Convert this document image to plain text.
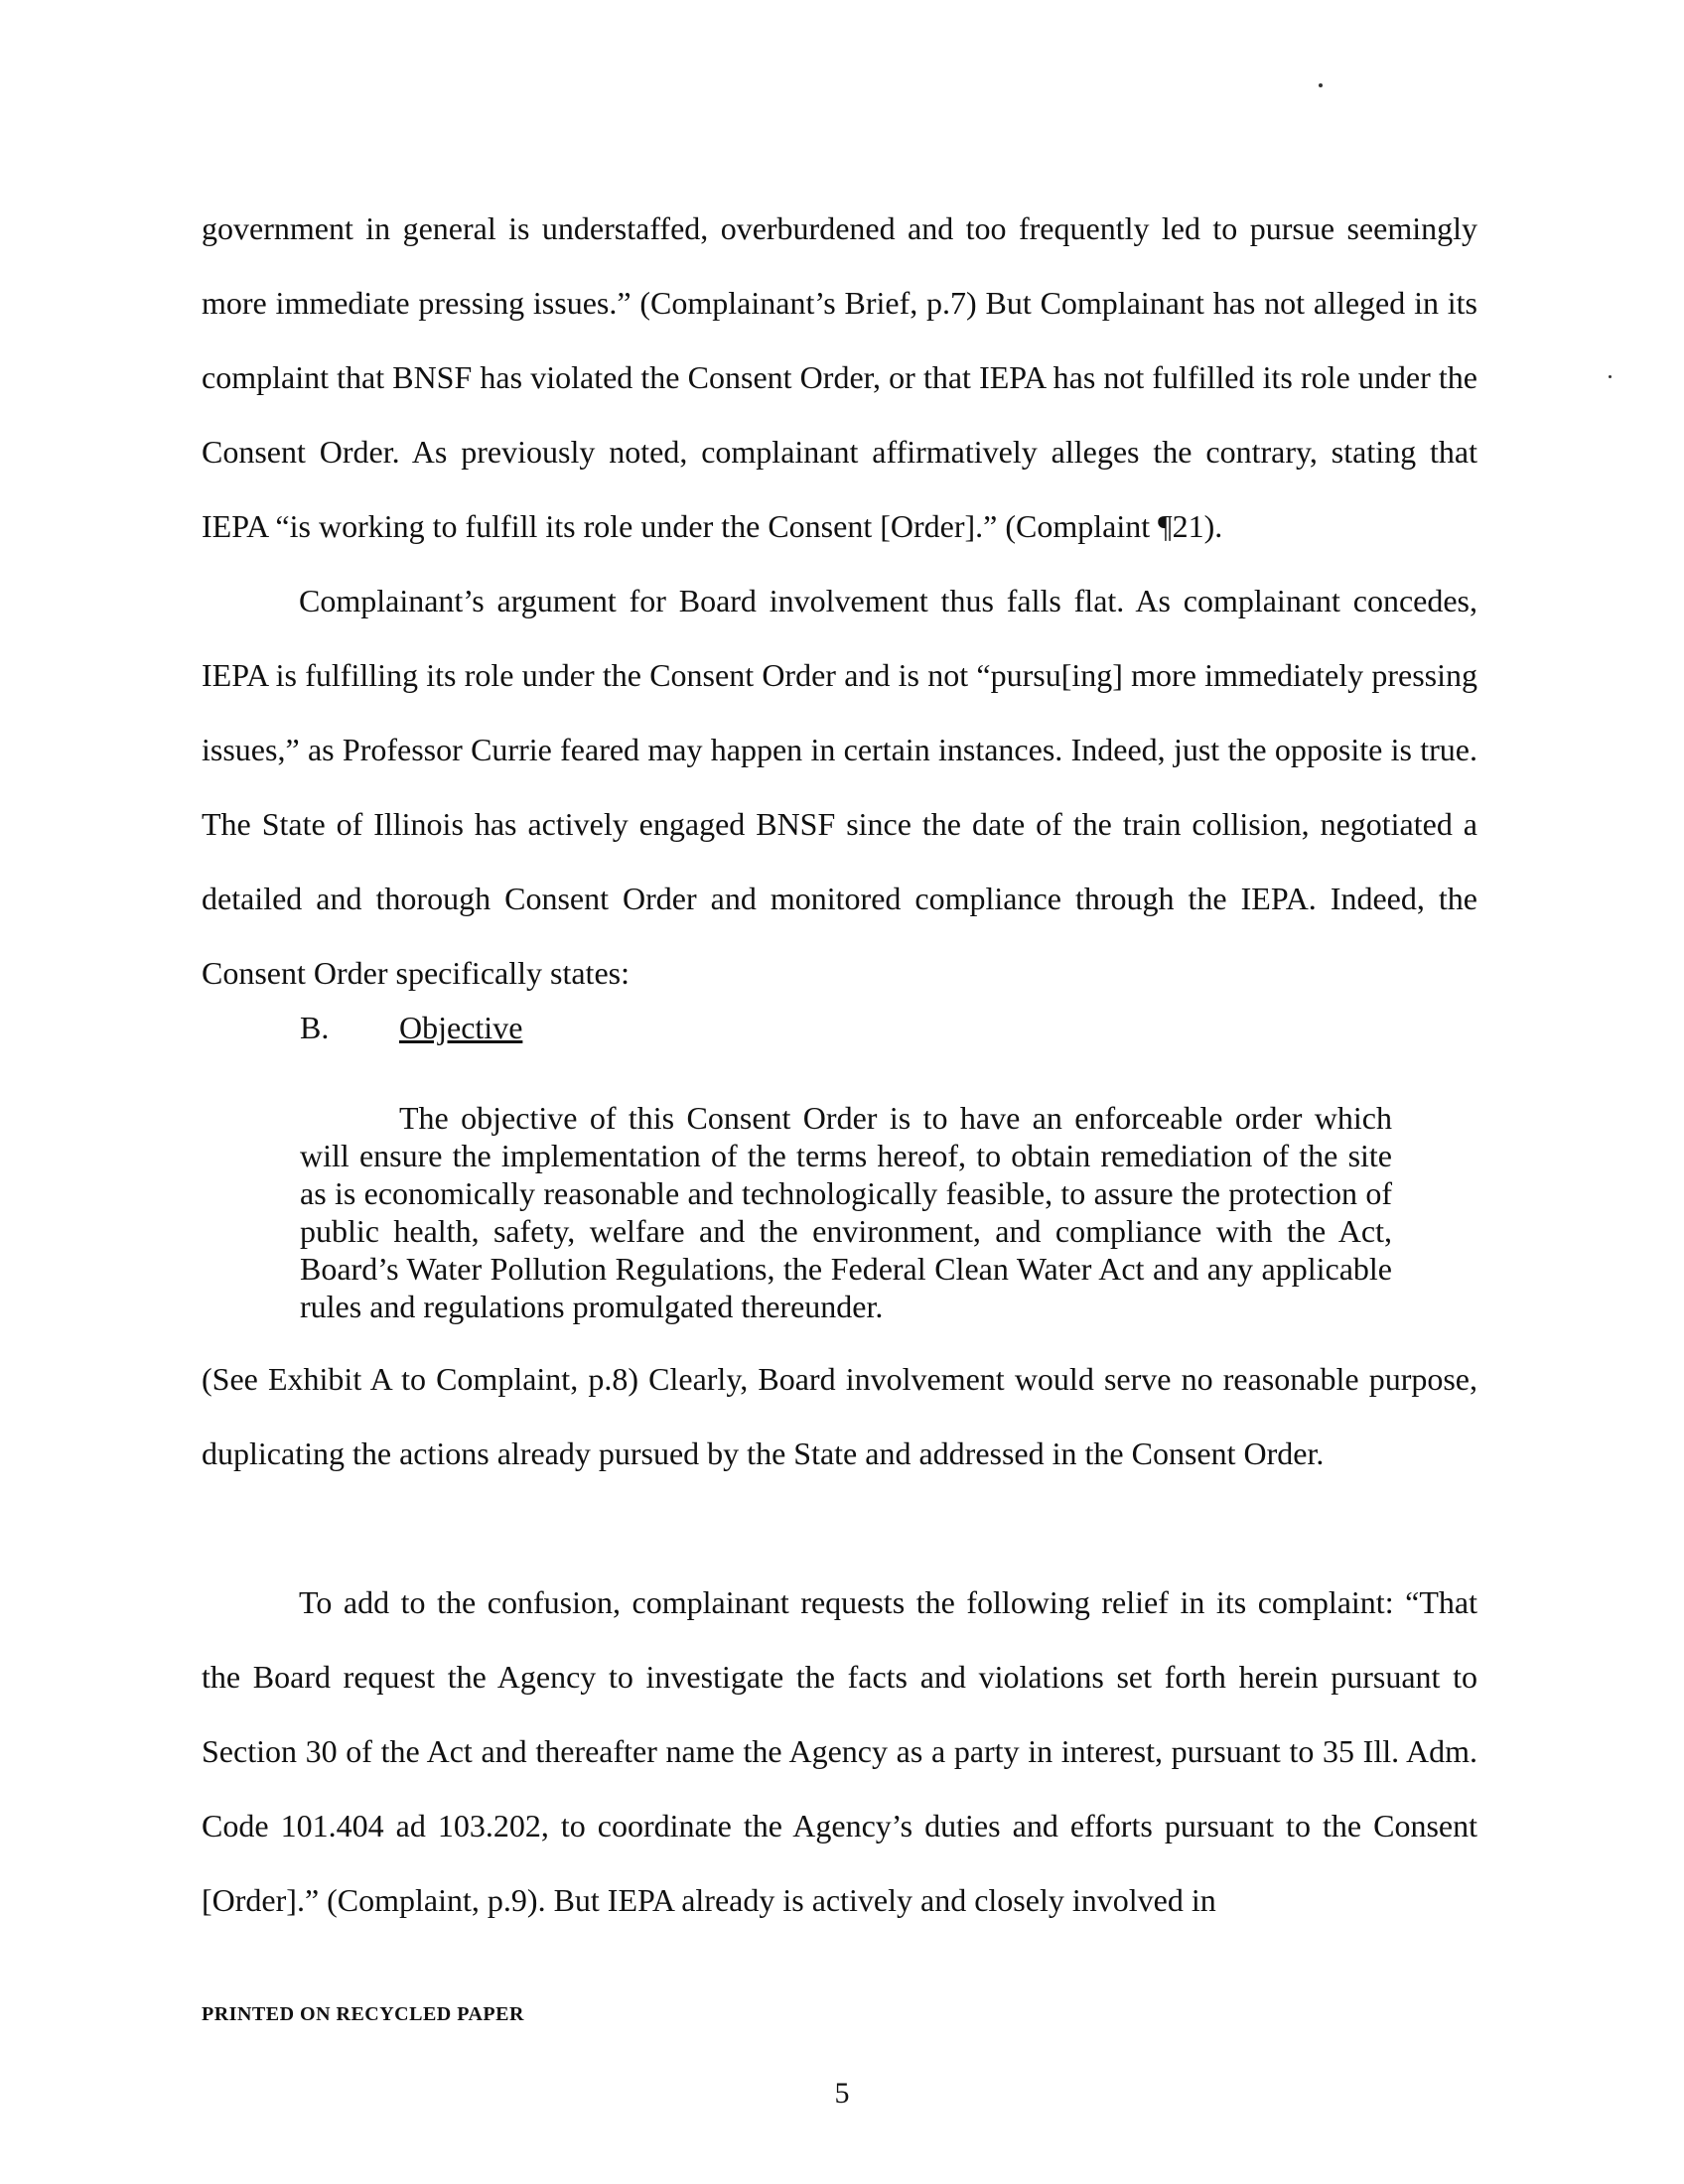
government in general is understaffed, overburdened and too frequently led to pursue seemingly more immediate pressing issues.” (Complainant’s Brief, p.7) But Complainant has not alleged in its complaint that BNSF has violated the Consent Order, or that IEPA has not fulfilled its role under the Consent Order. As previously noted, complainant affirmatively alleges the contrary, stating that IEPA “is working to fulfill its role under the Consent [Order].” (Complaint ¶21).

Complainant’s argument for Board involvement thus falls flat. As complainant concedes, IEPA is fulfilling its role under the Consent Order and is not “pursu[ing] more immediately pressing issues,” as Professor Currie feared may happen in certain instances. Indeed, just the opposite is true. The State of Illinois has actively engaged BNSF since the date of the train collision, negotiated a detailed and thorough Consent Order and monitored compliance through the IEPA. Indeed, the Consent Order specifically states:

B. Objective

The objective of this Consent Order is to have an enforceable order which will ensure the implementation of the terms hereof, to obtain remediation of the site as is economically reasonable and technologically feasible, to assure the protection of public health, safety, welfare and the environment, and compliance with the Act, Board’s Water Pollution Regulations, the Federal Clean Water Act and any applicable rules and regulations promulgated thereunder.

(See Exhibit A to Complaint, p.8) Clearly, Board involvement would serve no reasonable purpose, duplicating the actions already pursued by the State and addressed in the Consent Order.

To add to the confusion, complainant requests the following relief in its complaint: “That the Board request the Agency to investigate the facts and violations set forth herein pursuant to Section 30 of the Act and thereafter name the Agency as a party in interest, pursuant to 35 Ill. Adm. Code 101.404 ad 103.202, to coordinate the Agency’s duties and efforts pursuant to the Consent [Order].” (Complaint, p.9). But IEPA already is actively and closely involved in

PRINTED ON RECYCLED PAPER

5
